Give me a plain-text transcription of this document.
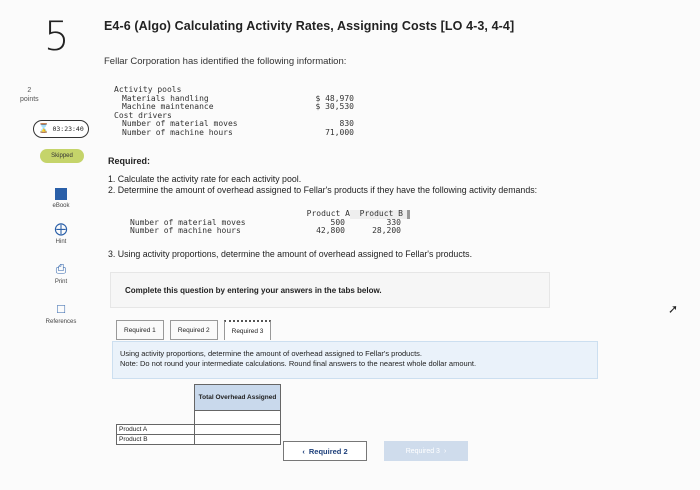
5	E4-6 (Algo) Calculating Activity Rates, Assigning Costs [LO 4-3, 4-4]
Fellar Corporation has identified the following information:
2
points
⌛ 03:23:40
Skipped
eBook
⨁
Hint
⎙
Print
□
References
Activity pools
Materials handling	$ 48,970
Machine maintenance	$ 30,530
Cost drivers
Number of material moves	830
Number of machine hours	71,000
Required:
1. Calculate the activity rate for each activity pool.
2. Determine the amount of overhead assigned to Fellar's products if they have the following activity demands:
Product A	Product B
Number of material moves	500	330
Number of machine hours	42,800	28,200
3. Using activity proportions, determine the amount of overhead assigned to Fellar's products.
Complete this question by entering your answers in the tabs below.
Required 1	Required 2	Required 3
Using activity proportions, determine the amount of overhead assigned to Fellar's products.
Note: Do not round your intermediate calculations. Round final answers to the nearest whole dollar amount.
	Total Overhead Assigned

Product A	
Product B	
‹ Required 2	Required 3 ›
➚
